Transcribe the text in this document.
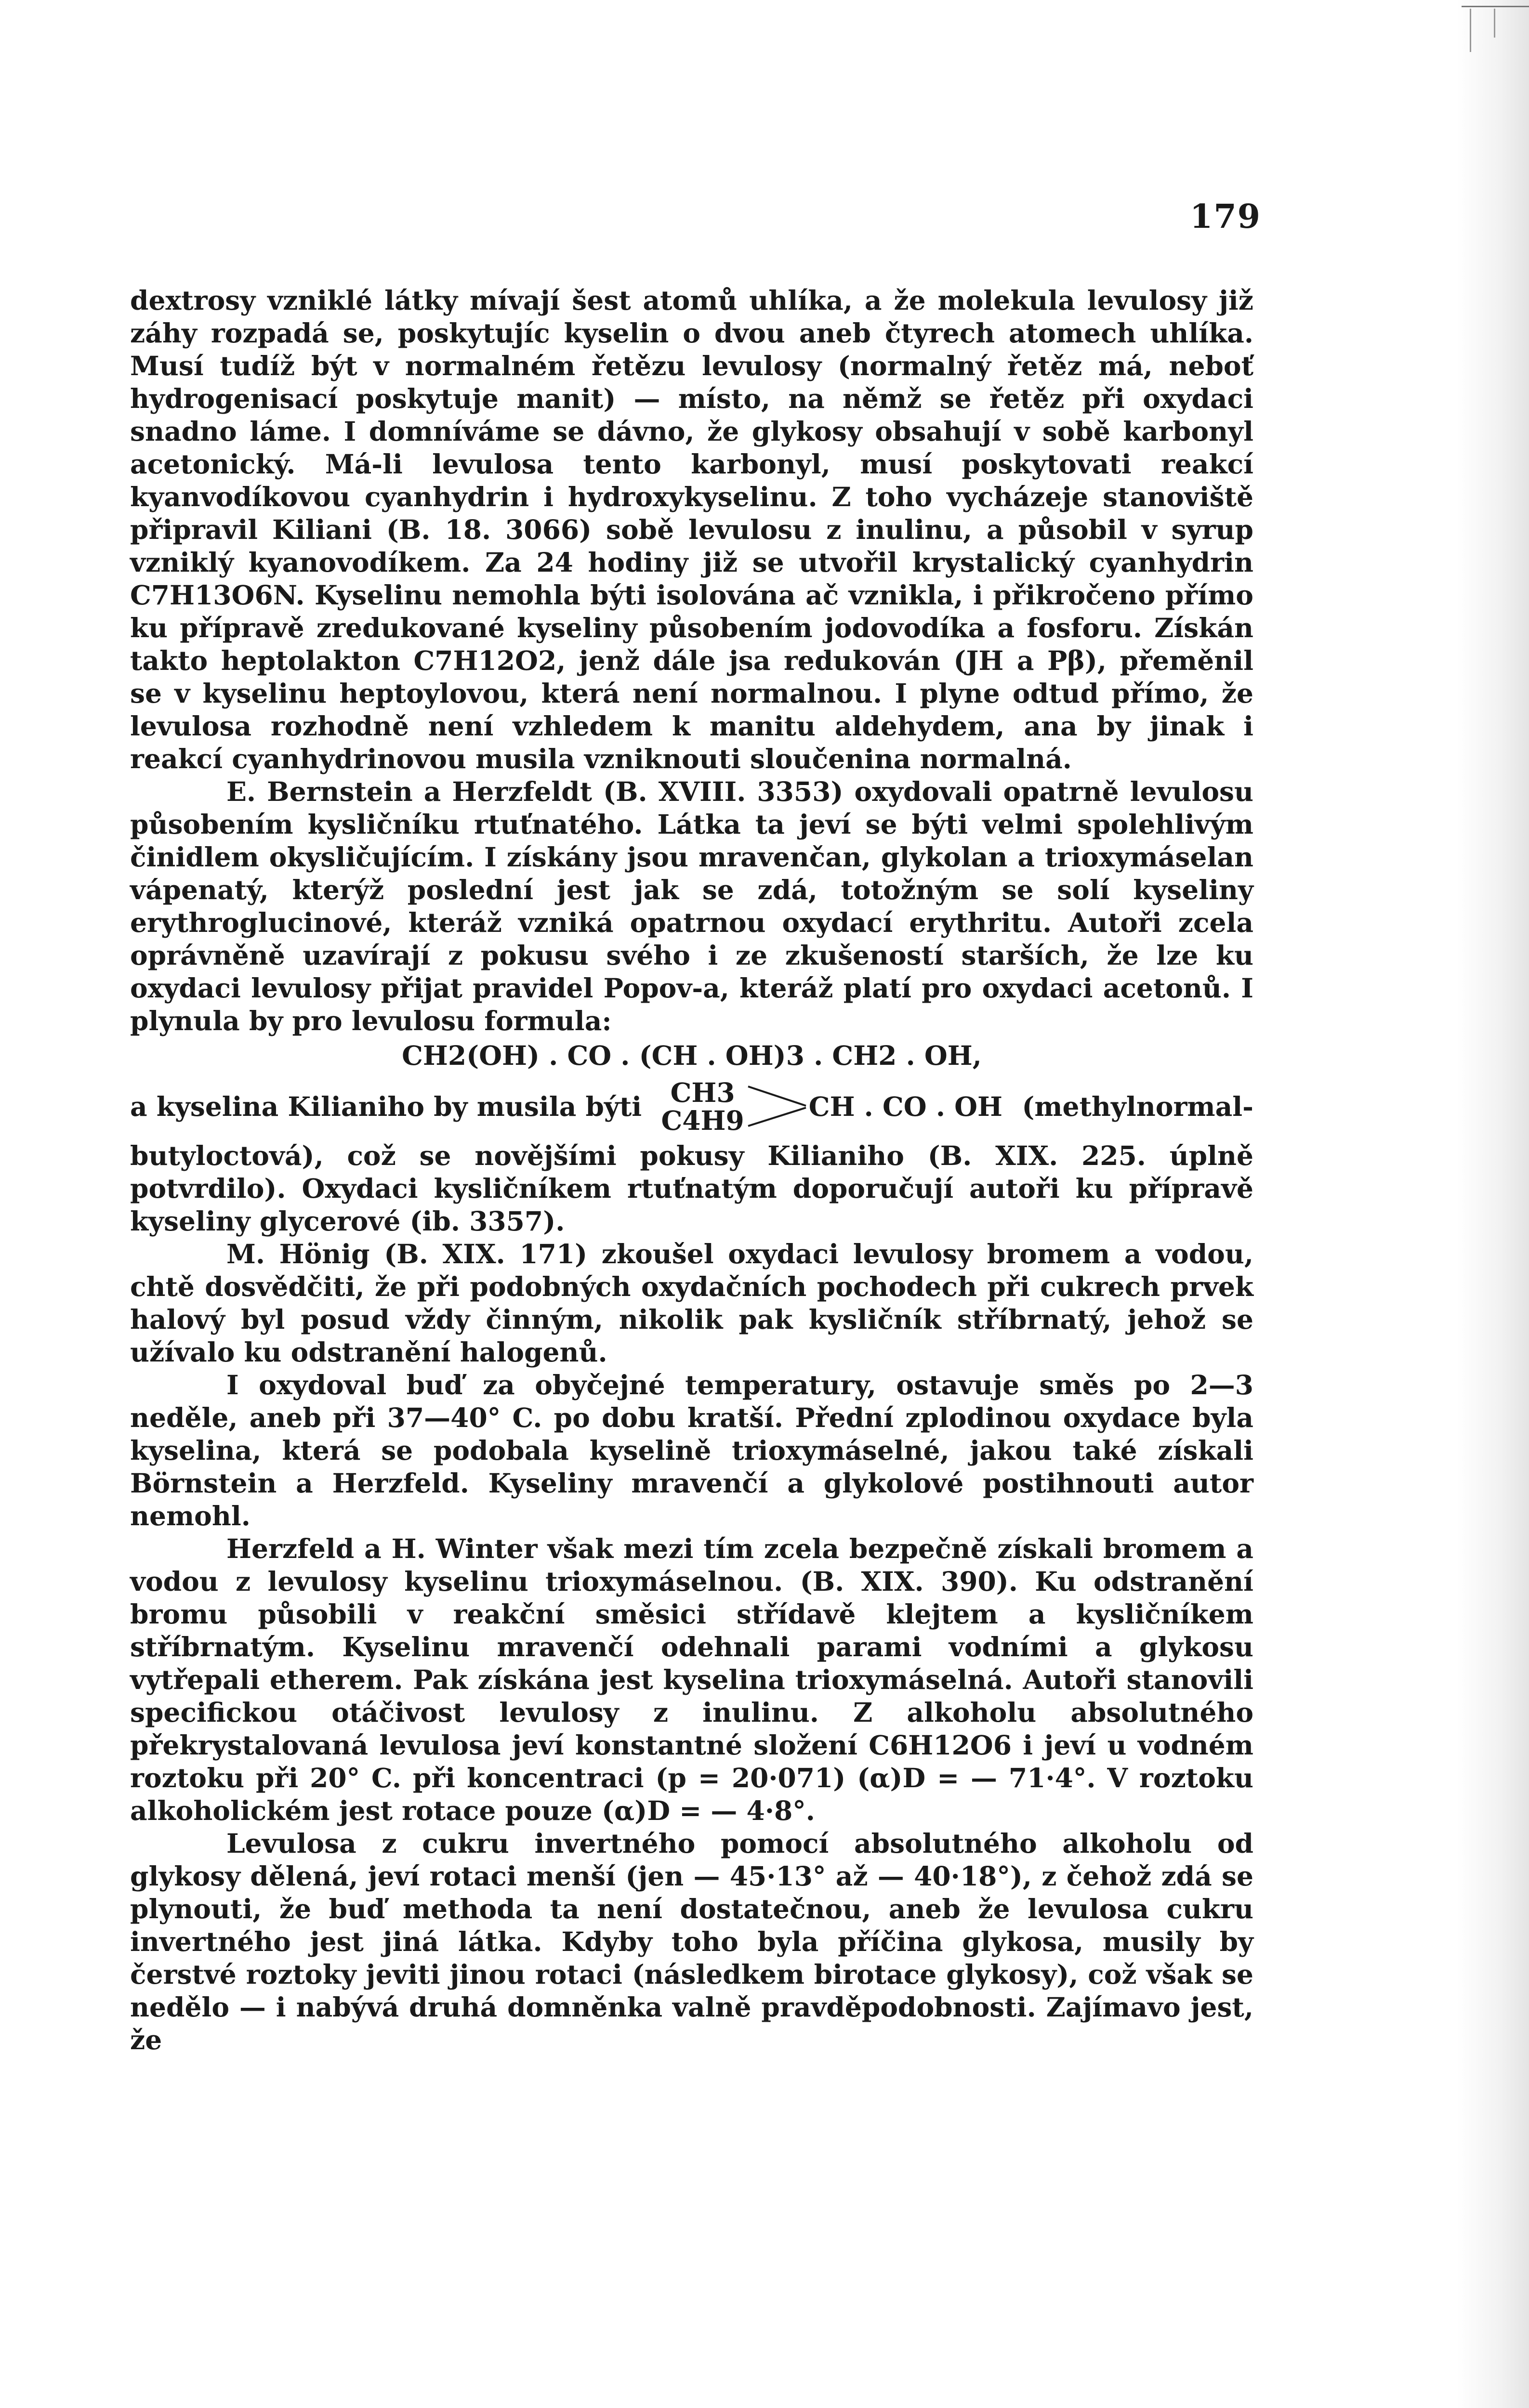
179

dextrosy vzniklé látky mívají šest atomů uhlíka, a že molekula levulosy již záhy rozpadá se, poskytujíc kyselin o dvou aneb čtyrech atomech uhlíka. Musí tudíž být v normalném řetězu levulosy (normalný řetěz má, neboť hydrogenisací poskytuje manit) — místo, na němž se řetěz při oxydaci snadno láme. I domníváme se dávno, že glykosy obsahují v sobě karbonyl acetonický. Má-li levulosa tento karbonyl, musí poskytovati reakcí kyanvodíkovou cyanhydrin i hydroxykyselinu. Z toho vycházeje stanoviště připravil Kiliani (B. 18. 3066) sobě levulosu z inulinu, a působil v syrup vzniklý kyanovodíkem. Za 24 hodiny již se utvořil krystalický cyanhydrin C7H13O6N. Kyselinu nemohla býti isolována ač vznikla, i přikročeno přímo ku přípravě zredukované kyseliny působením jodovodíka a fosforu. Získán takto heptolakton C7H12O2, jenž dále jsa redukován (JH a Pβ), přeměnil se v kyselinu heptoylovou, která není normalnou. I plyne odtud přímo, že levulosa rozhodně není vzhledem k manitu aldehydem, ana by jinak i reakcí cyanhydrinovou musila vzniknouti sloučenina normalná.

E. Bernstein a Herzfeldt (B. XVIII. 3353) oxydovali opatrně levulosu působením kysličníku rtuťnatého. Látka ta jeví se býti velmi spolehlivým činidlem okysličujícím. I získány jsou mravenčan, glykolan a trioxymáselan vápenatý, kterýž poslední jest jak se zdá, totožným se solí kyseliny erythroglucinové, kteráž vzniká opatrnou oxydací erythritu. Autoři zcela oprávněně uzavírají z pokusu svého i ze zkušeností starších, že lze ku oxydaci levulosy přijat pravidel Popov-a, kteráž platí pro oxydaci acetonů. I plynula by pro levulosu formula:

CH2(OH) . CO . (CH . OH)3 . CH2 . OH,

a kyselina Kilianiho by musila býti CH3
C4H9 CH . CO . OH (methylnormal-

butyloctová), což se novějšími pokusy Kilianiho (B. XIX. 225. úplně potvrdilo). Oxydaci kysličníkem rtuťnatým doporučují autoři ku přípravě kyseliny glycerové (ib. 3357).

M. Hönig (B. XIX. 171) zkoušel oxydaci levulosy bromem a vodou, chtě dosvědčiti, že při podobných oxydačních pochodech při cukrech prvek halový byl posud vždy činným, nikolik pak kysličník stříbrnatý, jehož se užívalo ku odstranění halogenů.

I oxydoval buď za obyčejné temperatury, ostavuje směs po 2—3 neděle, aneb při 37—40° C. po dobu kratší. Přední zplodinou oxydace byla kyselina, která se podobala kyselině trioxymáselné, jakou také získali Börnstein a Herzfeld. Kyseliny mravenčí a glykolové postihnouti autor nemohl.

Herzfeld a H. Winter však mezi tím zcela bezpečně získali bromem a vodou z levulosy kyselinu trioxymáselnou. (B. XIX. 390). Ku odstranění bromu působili v reakční směsici střídavě klejtem a kysličníkem stříbrnatým. Kyselinu mravenčí odehnali parami vodními a glykosu vytřepali etherem. Pak získána jest kyselina trioxymáselná. Autoři stanovili specifickou otáčivost levulosy z inulinu. Z alkoholu absolutného překrystalovaná levulosa jeví konstantné složení C6H12O6 i jeví u vodném roztoku při 20° C. při koncentraci (p = 20·071) (α)D = — 71·4°. V roztoku alkoholickém jest rotace pouze (α)D = — 4·8°.

Levulosa z cukru invertného pomocí absolutného alkoholu od glykosy dělená, jeví rotaci menší (jen — 45·13° až — 40·18°), z čehož zdá se plynouti, že buď methoda ta není dostatečnou, aneb že levulosa cukru invertného jest jiná látka. Kdyby toho byla příčina glykosa, musily by čerstvé roztoky jeviti jinou rotaci (následkem birotace glykosy), což však se nedělo — i nabývá druhá domněnka valně pravděpodobnosti. Zajímavo jest, že
